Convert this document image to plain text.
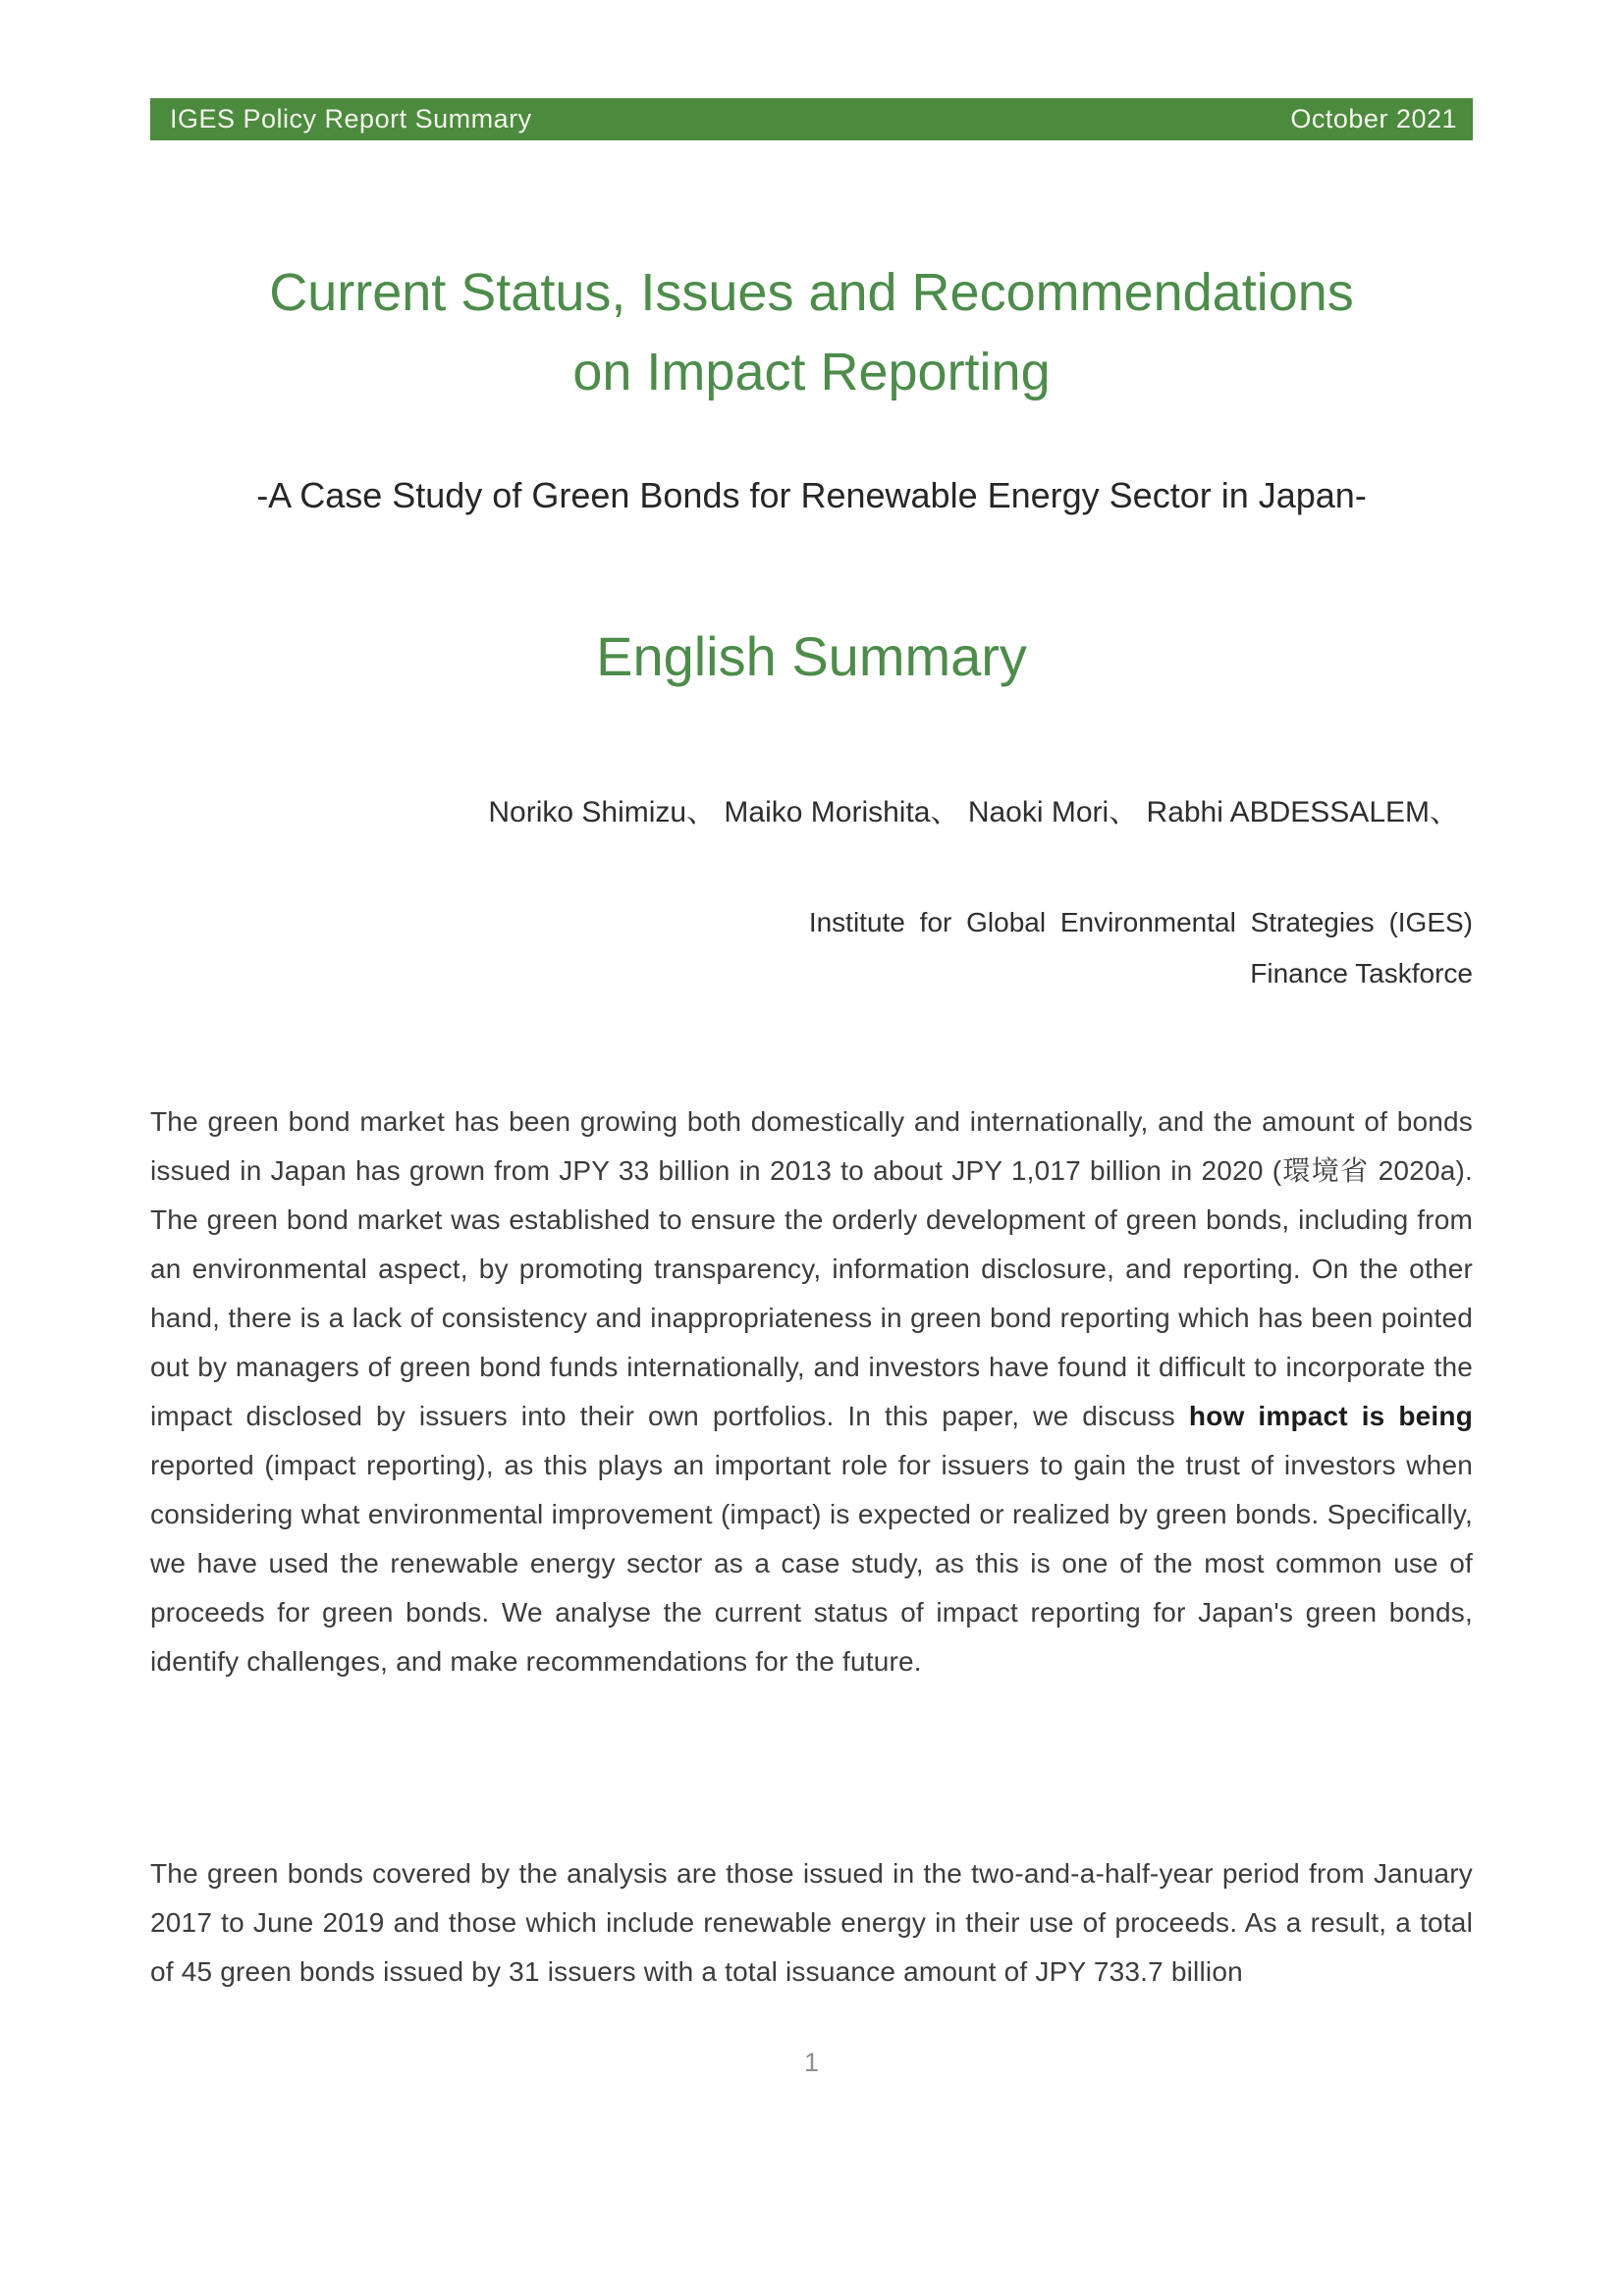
IGES Policy Report Summary	October 2021
Current Status, Issues and Recommendations
on Impact Reporting
-A Case Study of Green Bonds for Renewable Energy Sector in Japan-
English Summary
Noriko Shimizu、 Maiko Morishita、 Naoki Mori、 Rabhi ABDESSALEM、
Institute for Global Environmental Strategies (IGES)
Finance Taskforce
The green bond market has been growing both domestically and internationally, and the amount of bonds issued in Japan has grown from JPY 33 billion in 2013 to about JPY 1,017 billion in 2020 (環境省 2020a). The green bond market was established to ensure the orderly development of green bonds, including from an environmental aspect, by promoting transparency, information disclosure, and reporting. On the other hand, there is a lack of consistency and inappropriateness in green bond reporting which has been pointed out by managers of green bond funds internationally, and investors have found it difficult to incorporate the impact disclosed by issuers into their own portfolios. In this paper, we discuss how impact is being reported (impact reporting), as this plays an important role for issuers to gain the trust of investors when considering what environmental improvement (impact) is expected or realized by green bonds. Specifically, we have used the renewable energy sector as a case study, as this is one of the most common use of proceeds for green bonds. We analyse the current status of impact reporting for Japan's green bonds, identify challenges, and make recommendations for the future.
The green bonds covered by the analysis are those issued in the two-and-a-half-year period from January 2017 to June 2019 and those which include renewable energy in their use of proceeds. As a result, a total of 45 green bonds issued by 31 issuers with a total issuance amount of JPY 733.7 billion
1
